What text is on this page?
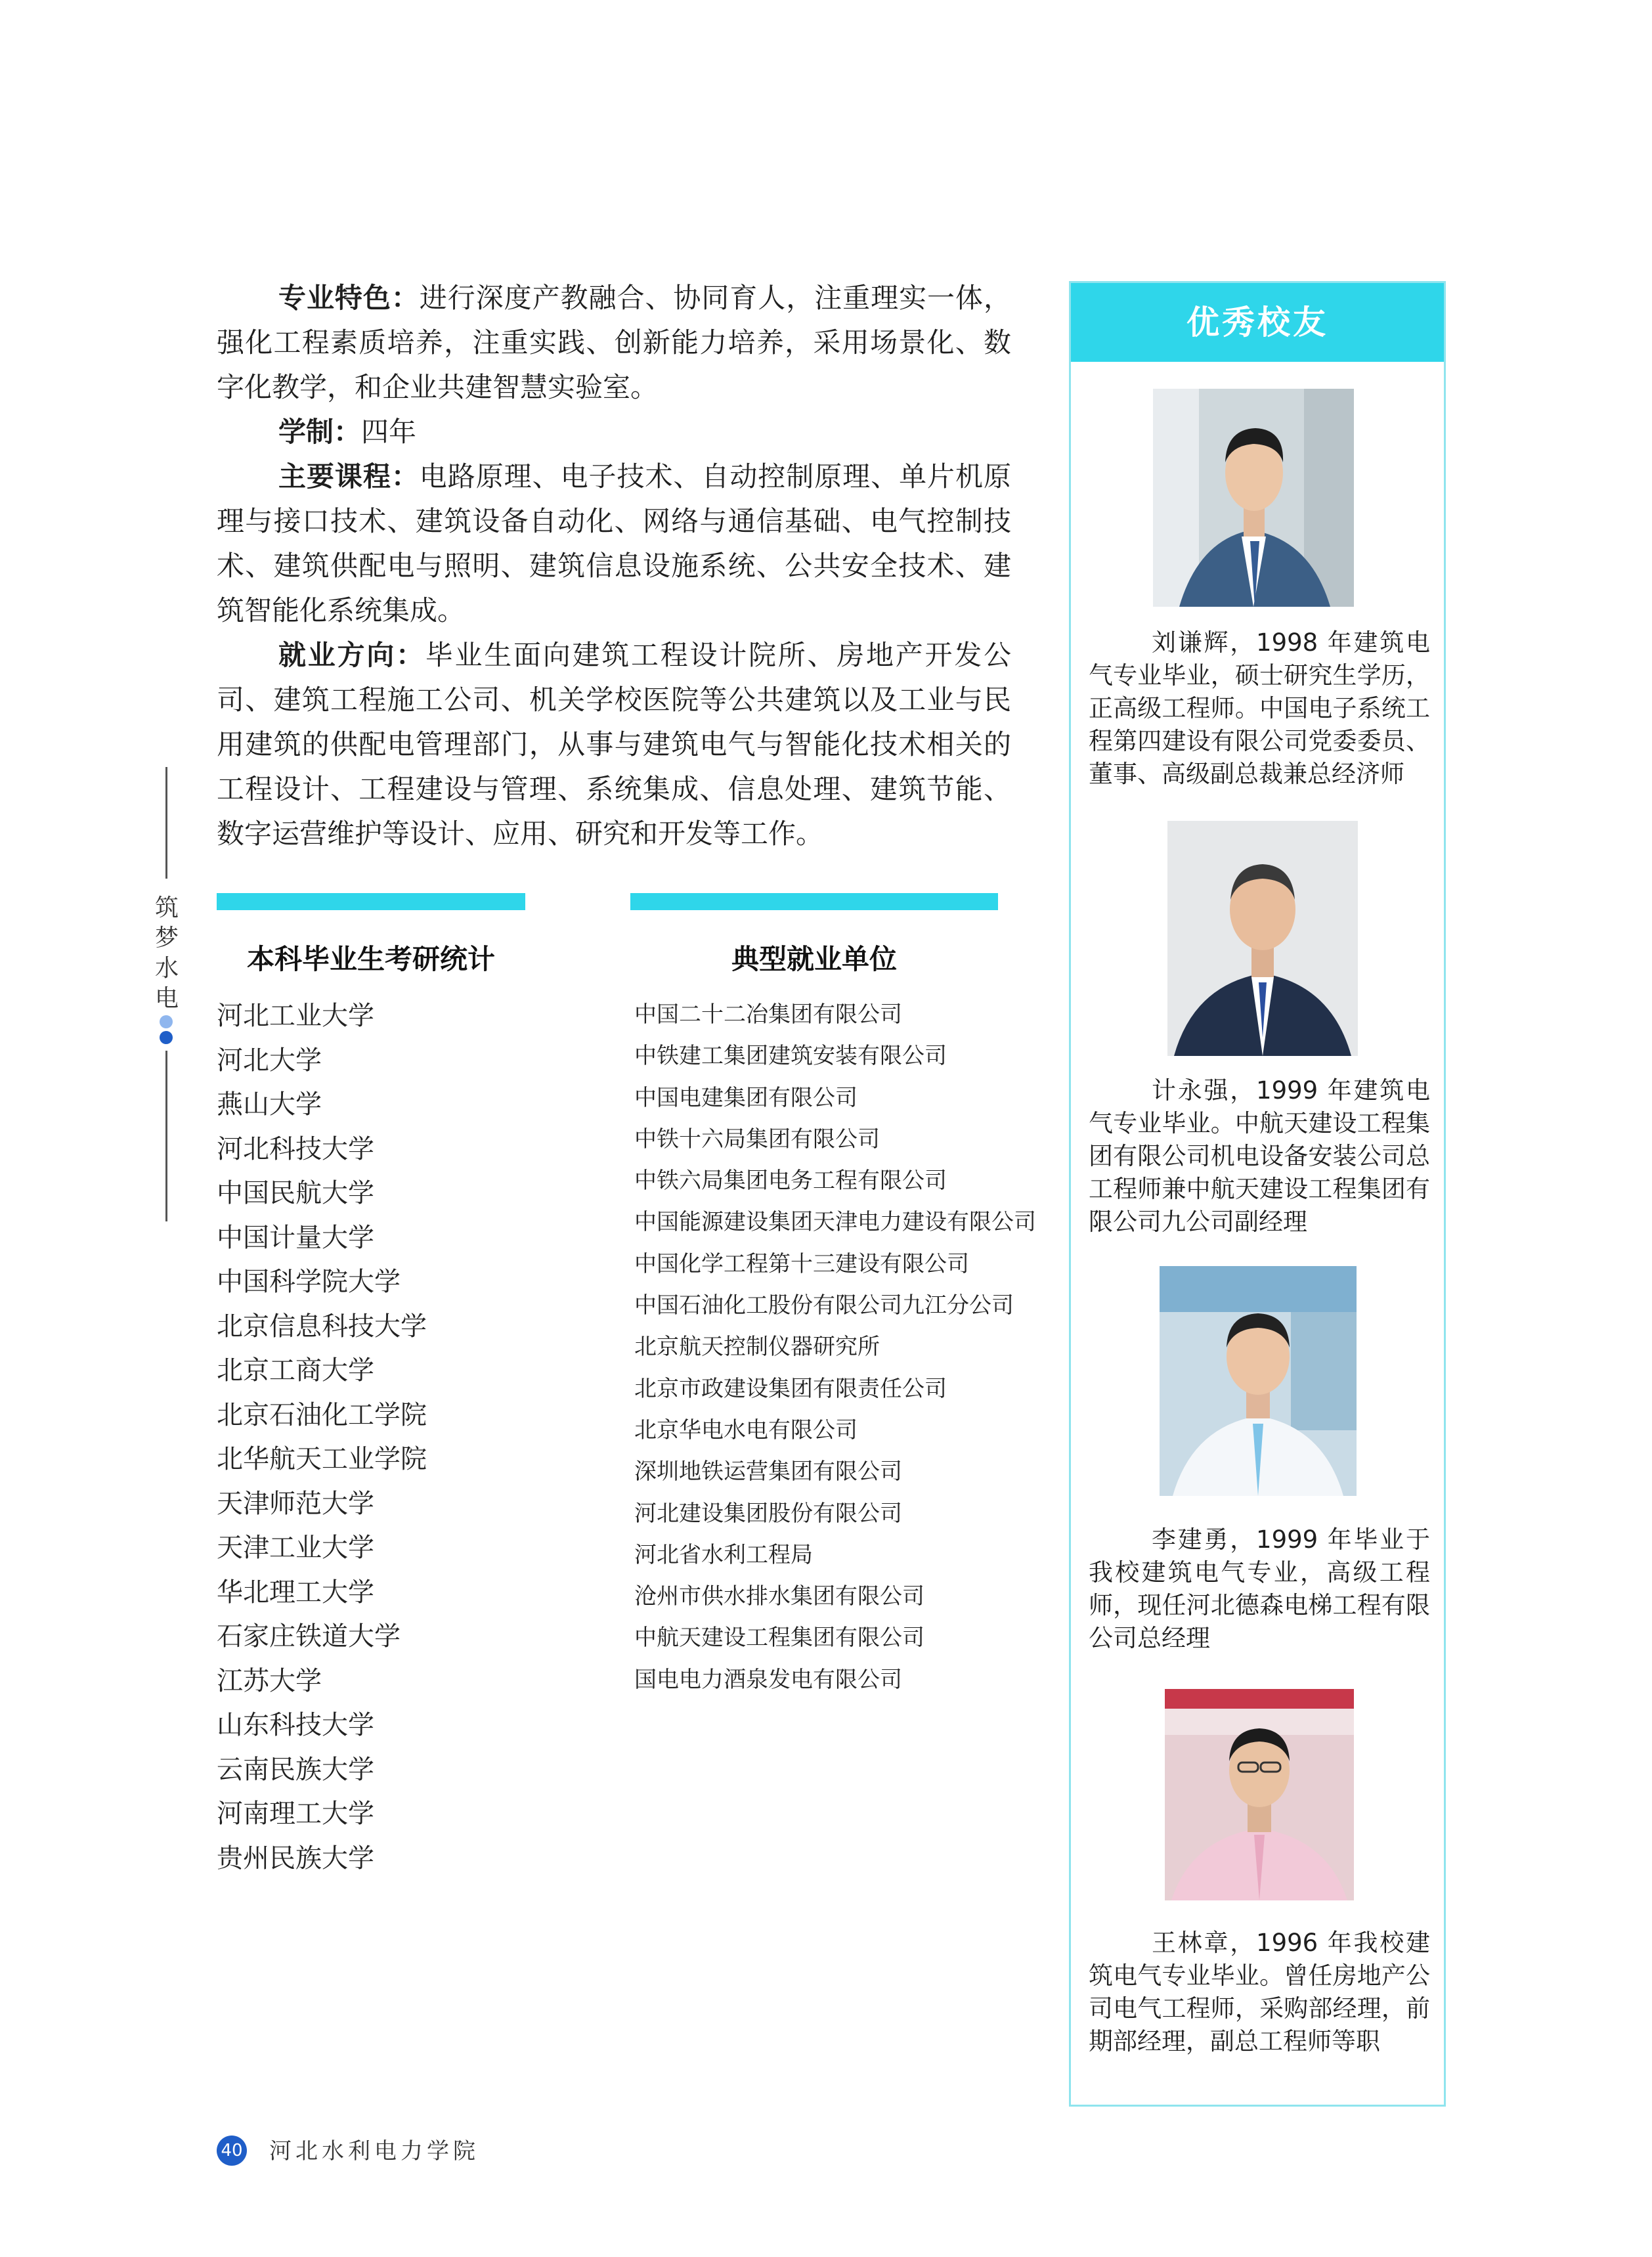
专业特色：进行深度产教融合、协同育人，注重理实一体，强化工程素质培养，注重实践、创新能力培养，采用场景化、数字化教学，和企业共建智慧实验室。

学制：四年

主要课程：电路原理、电子技术、自动控制原理、单片机原理与接口技术、建筑设备自动化、网络与通信基础、电气控制技术、建筑供配电与照明、建筑信息设施系统、公共安全技术、建筑智能化系统集成。

就业方向：毕业生面向建筑工程设计院所、房地产开发公司、建筑工程施工公司、机关学校医院等公共建筑以及工业与民用建筑的供配电管理部门，从事与建筑电气与智能化技术相关的工程设计、工程建设与管理、系统集成、信息处理、建筑节能、数字运营维护等设计、应用、研究和开发等工作。

筑梦水电
本科毕业生考研统计
河北工业大学
河北大学
燕山大学
河北科技大学
中国民航大学
中国计量大学
中国科学院大学
北京信息科技大学
北京工商大学
北京石油化工学院
北华航天工业学院
天津师范大学
天津工业大学
华北理工大学
石家庄铁道大学
江苏大学
山东科技大学
云南民族大学
河南理工大学
贵州民族大学
典型就业单位
中国二十二冶集团有限公司
中铁建工集团建筑安装有限公司
中国电建集团有限公司
中铁十六局集团有限公司
中铁六局集团电务工程有限公司
中国能源建设集团天津电力建设有限公司
中国化学工程第十三建设有限公司
中国石油化工股份有限公司九江分公司
北京航天控制仪器研究所
北京市政建设集团有限责任公司
北京华电水电有限公司
深圳地铁运营集团有限公司
河北建设集团股份有限公司
河北省水利工程局
沧州市供水排水集团有限公司
中航天建设工程集团有限公司
国电电力酒泉发电有限公司
优秀校友

刘谦辉，1998 年建筑电气专业毕业，硕士研究生学历，正高级工程师。中国电子系统工程第四建设有限公司党委委员、董事、高级副总裁兼总经济师

计永强，1999 年建筑电气专业毕业。中航天建设工程集团有限公司机电设备安装公司总工程师兼中航天建设工程集团有限公司九公司副经理

李建勇，1999 年毕业于我校建筑电气专业，高级工程师，现任河北德森电梯工程有限公司总经理

王林章，1996 年我校建筑电气专业毕业。曾任房地产公司电气工程师，采购部经理，前期部经理，副总工程师等职

40 河北水利电力学院
